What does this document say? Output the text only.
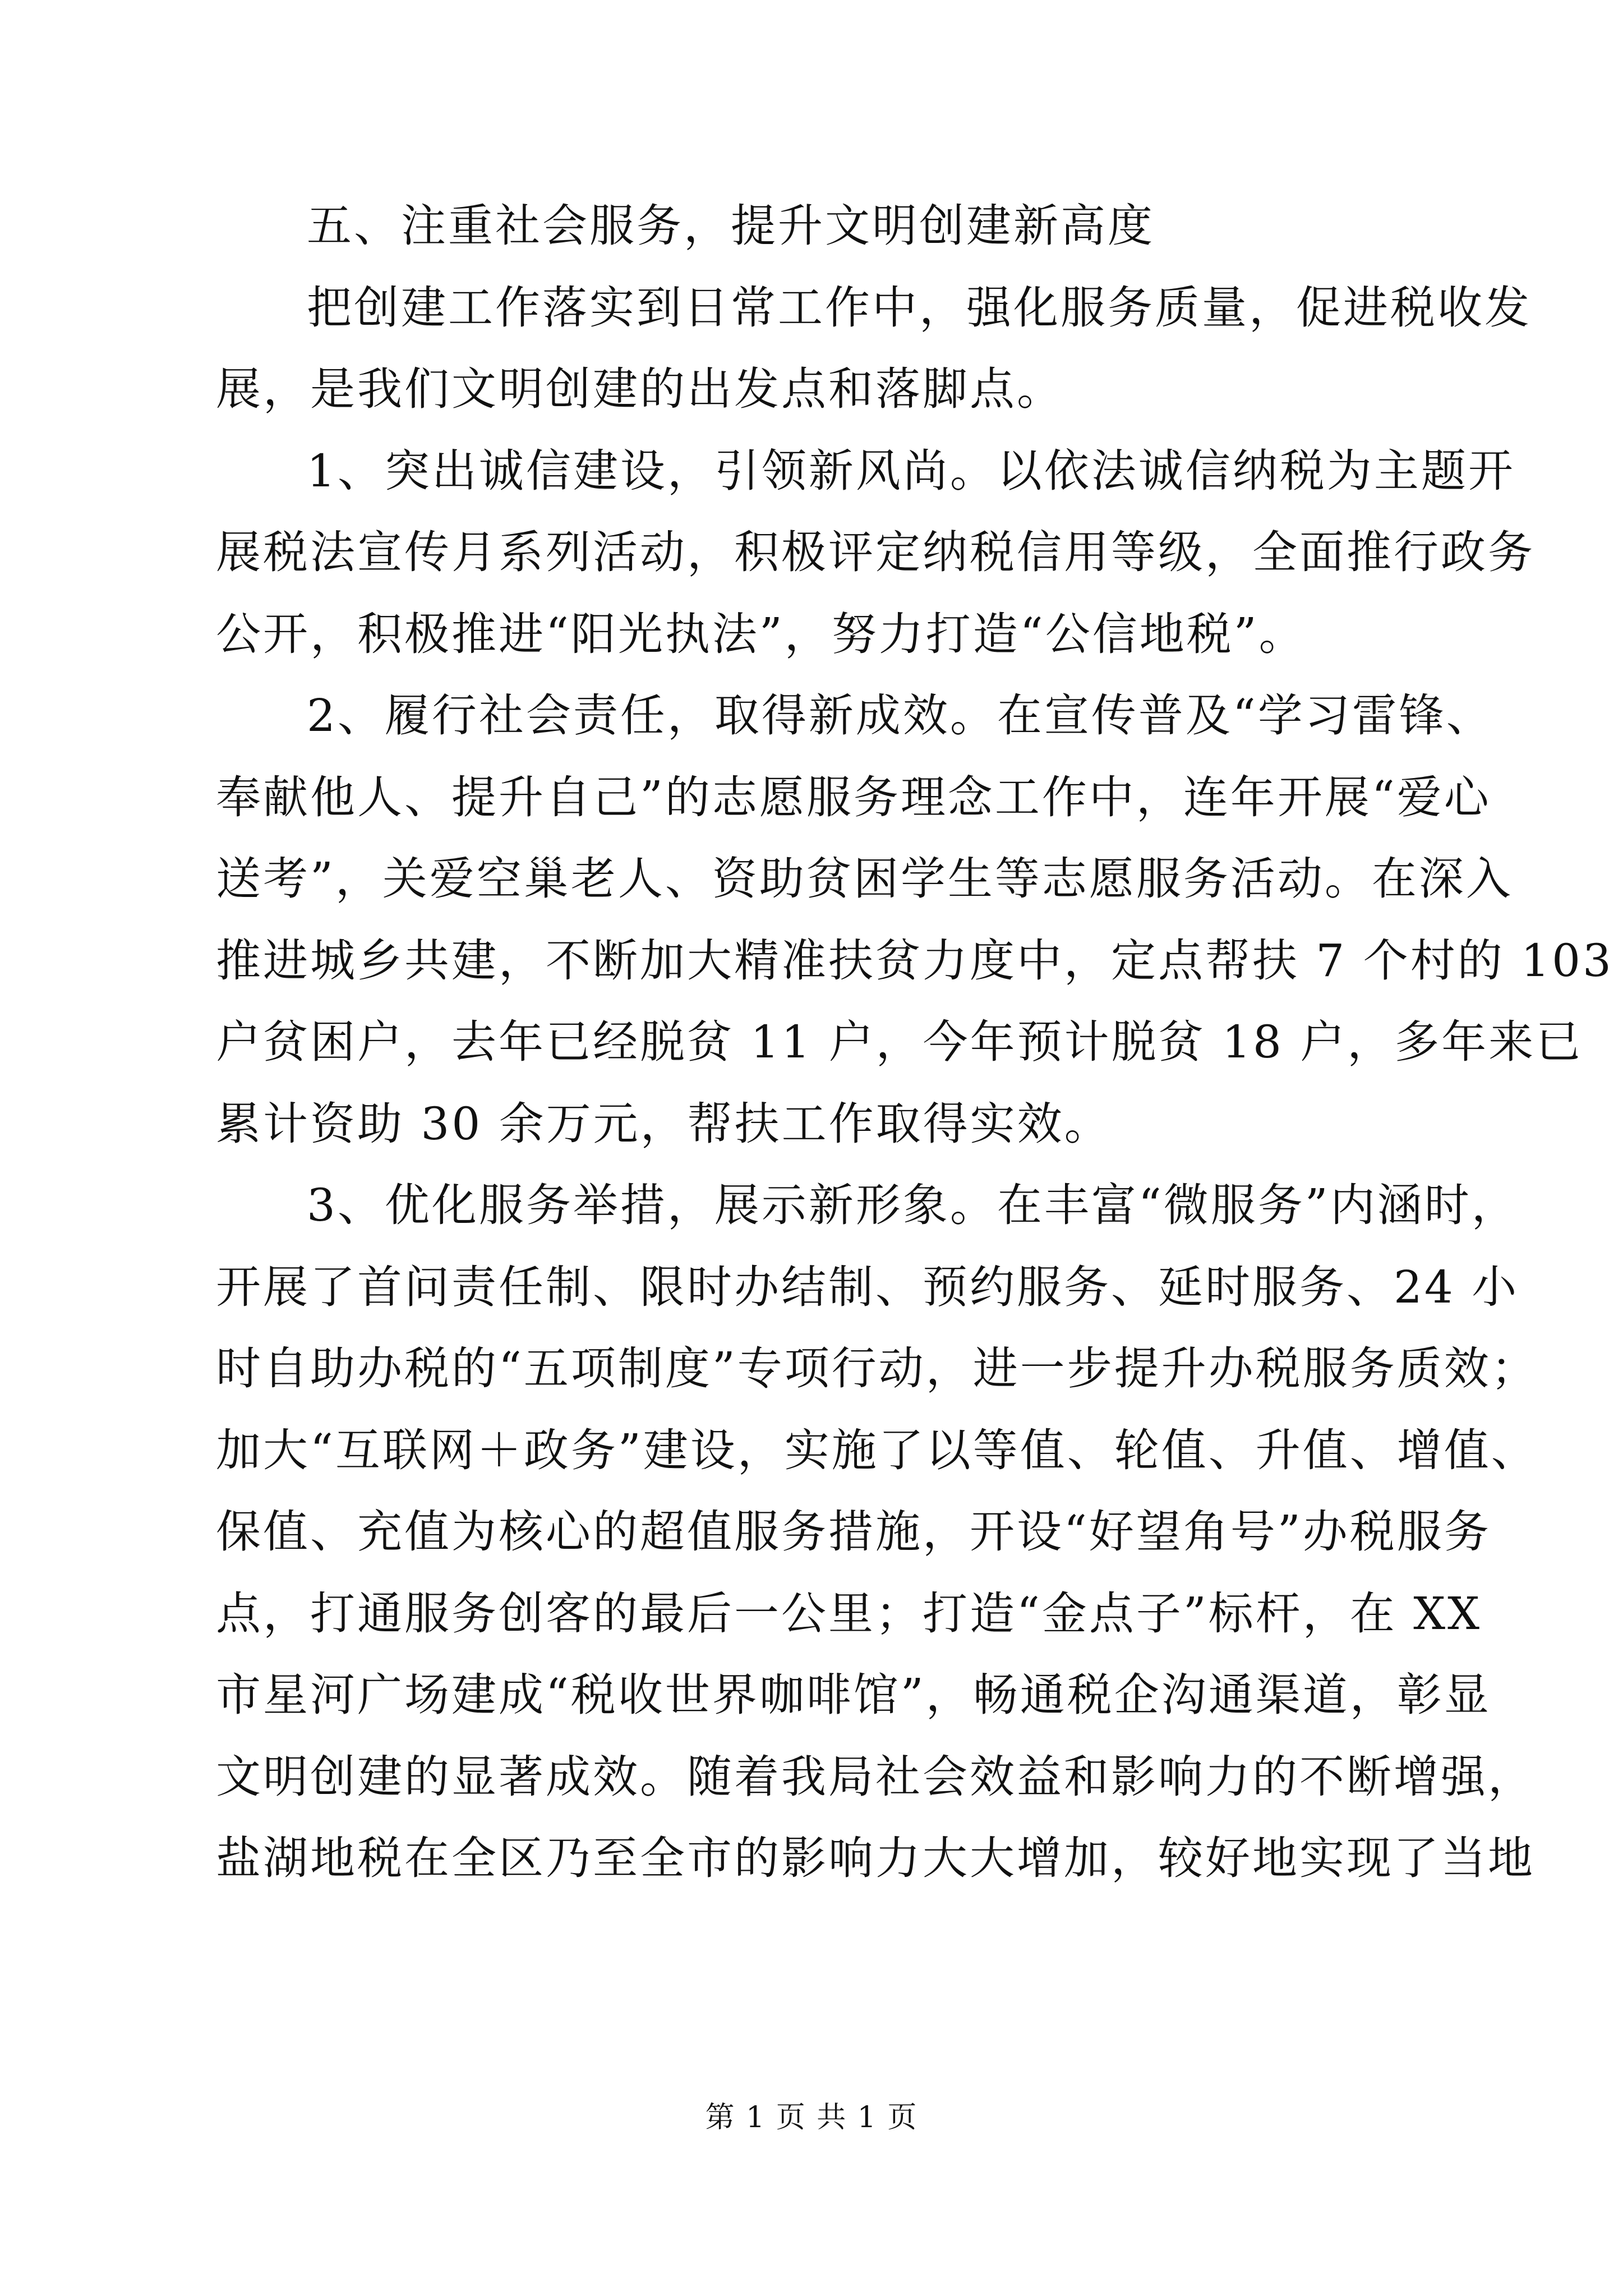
五、注重社会服务，提升文明创建新高度
把创建工作落实到日常工作中，强化服务质量，促进税收发
展，是我们文明创建的出发点和落脚点。
1、突出诚信建设，引领新风尚。以依法诚信纳税为主题开
展税法宣传月系列活动，积极评定纳税信用等级，全面推行政务
公开，积极推进“阳光执法”，努力打造“公信地税”。
2、履行社会责任，取得新成效。在宣传普及“学习雷锋、
奉献他人、提升自己”的志愿服务理念工作中，连年开展“爱心
送考”，关爱空巢老人、资助贫困学生等志愿服务活动。在深入
推进城乡共建，不断加大精准扶贫力度中，定点帮扶 7 个村的 103
户贫困户，去年已经脱贫 11 户，今年预计脱贫 18 户，多年来已
累计资助 30 余万元，帮扶工作取得实效。
3、优化服务举措，展示新形象。在丰富“微服务”内涵时，
开展了首问责任制、限时办结制、预约服务、延时服务、24 小
时自助办税的“五项制度”专项行动，进一步提升办税服务质效；
加大“互联网＋政务”建设，实施了以等值、轮值、升值、增值、
保值、充值为核心的超值服务措施，开设“好望角号”办税服务
点，打通服务创客的最后一公里；打造“金点子”标杆，在 XX
市星河广场建成“税收世界咖啡馆”，畅通税企沟通渠道，彰显
文明创建的显著成效。随着我局社会效益和影响力的不断增强，
盐湖地税在全区乃至全市的影响力大大增加，较好地实现了当地
第 1 页 共 1 页
